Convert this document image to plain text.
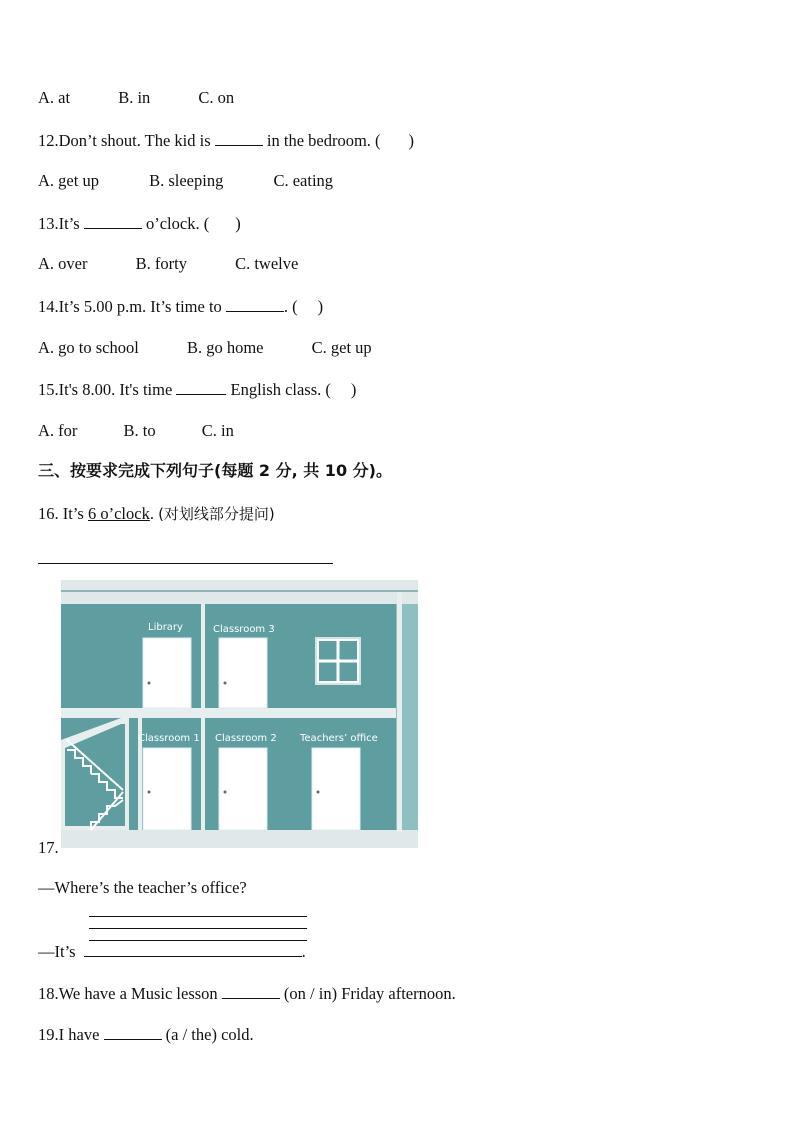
A. at	B. in	C. on
12.Don’t shout. The kid is	in the bedroom. ( )
A. get up	B. sleeping	C. eating
13.It’s	o’clock. ( )
A. over	B. forty	C. twelve
14.It’s 5.00 p.m. It’s time to	. ( )
A. go to school	B. go home	C. get up
15.It's 8.00. It's time	English class. ( )
A. for	B. to	C. in
三、按要求完成下列句子(每题 2 分, 共 10 分)。
16. It’s 6 o’clock. (对划线部分提问)
Library	Classroom 3
Classroom 1 Classroom 2 Teachers’ office
17.
—Where’s the teacher’s office?
—It’s	.
18.We have a Music lesson	(on / in) Friday afternoon.
19.I have	(a / the) cold.
